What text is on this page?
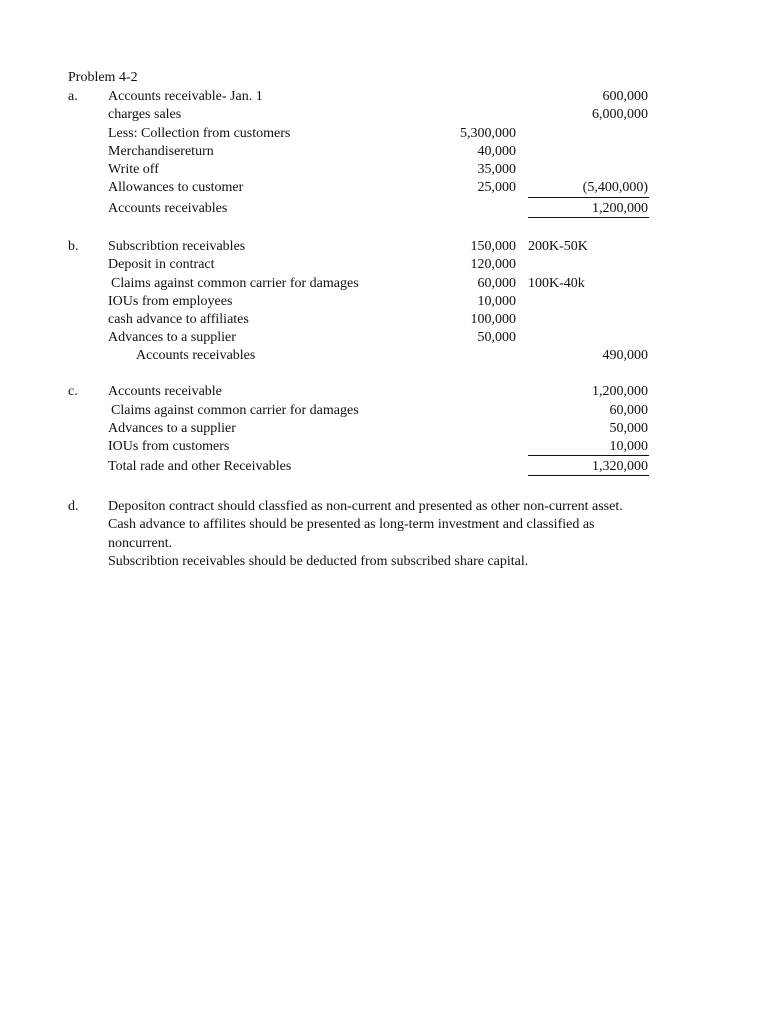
Problem 4-2
a. Accounts receivable- Jan. 1	600,000
charges sales	6,000,000
Less: Collection from customers	5,300,000
Merchandisereturn	40,000
Write off	35,000
Allowances to customer	25,000	(5,400,000)
Accounts receivables	1,200,000
b. Subscribtion receivables	150,000 200K-50K
Deposit in contract	120,000
Claims against common carrier for damages	60,000 100K-40k
IOUs from employees	10,000
cash advance to affiliates	100,000
Advances to a supplier	50,000
Accounts receivables	490,000
c. Accounts receivable	1,200,000
Claims against common carrier for damages	60,000
Advances to a supplier	50,000
IOUs from customers	10,000
Total rade and other Receivables	1,320,000
d. Depositon contract should classfied as non-current and presented as other non-current asset.
Cash advance to affilites should be presented as long-term investment and classified as
noncurrent.
Subscribtion receivables should be deducted from subscribed share capital.
